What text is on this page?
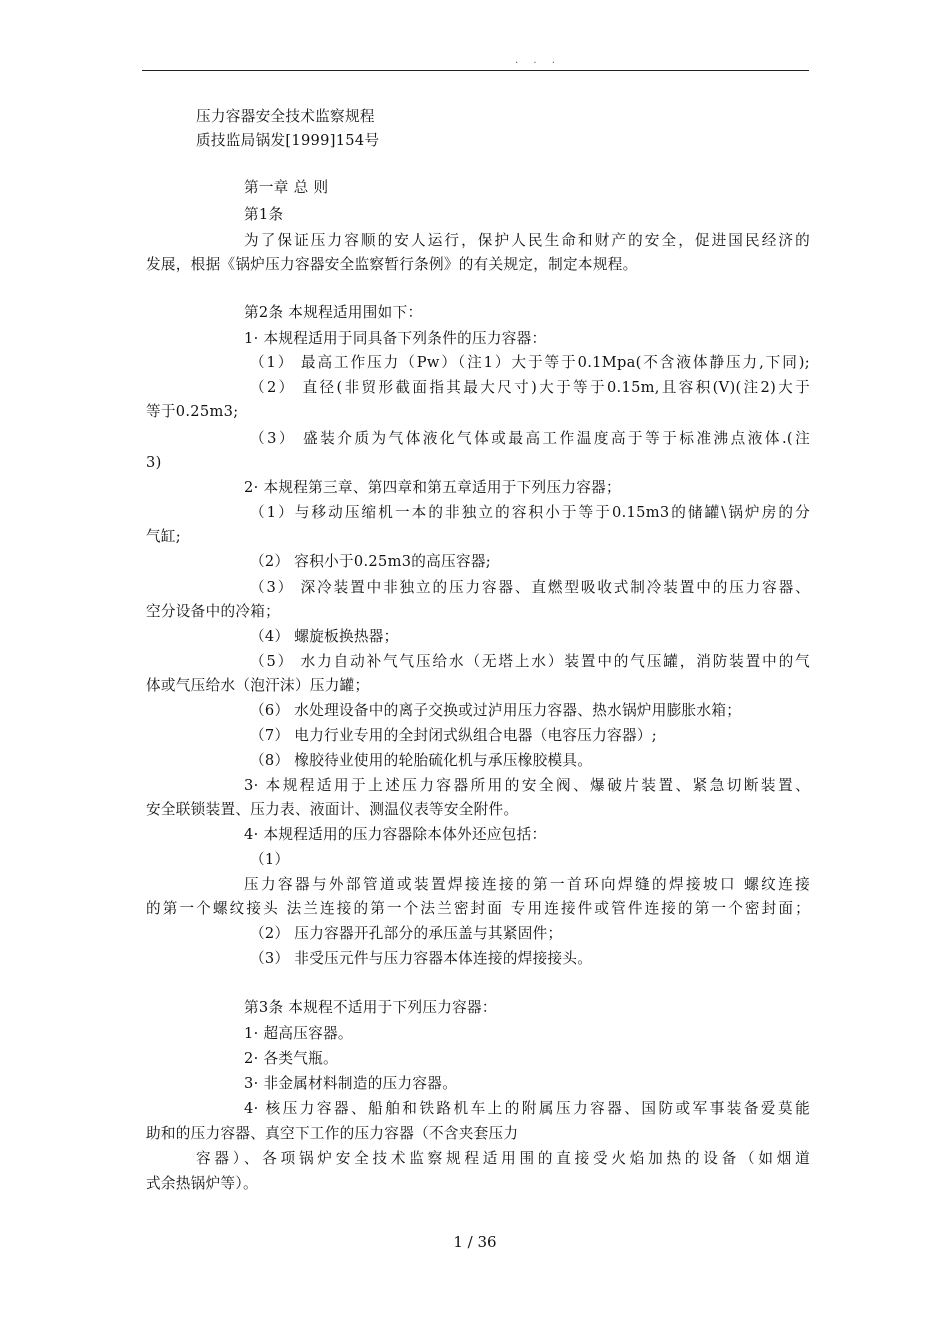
. . .
压力容器安全技术监察规程
质技监局锅发[1999]154号
第一章 总 则
第1条
为了保证压力容顺的安人运行，保护人民生命和财产的安全，促进国民经济的
发展，根据《锅炉压力容器安全监察暂行条例》的有关规定，制定本规程。
第2条 本规程适用围如下：
1· 本规程适用于同具备下列条件的压力容器：
（1） 最高工作压力（Pw）（注1）大于等于0.1Mpa(不含液体静压力,下同);
（2） 直径(非贸形截面指其最大尺寸)大于等于0.15m,且容积(V)(注2)大于
等于0.25m3;
（3） 盛装介质为气体液化气体或最高工作温度高于等于标准沸点液体.(注
3)
2· 本规程第三章、第四章和第五章适用于下列压力容器；
（1）与移动压缩机一本的非独立的容积小于等于0.15m3的储罐\锅炉房的分
气缸;
（2） 容积小于0.25m3的高压容器;
（3） 深冷装置中非独立的压力容器、直燃型吸收式制冷装置中的压力容器、
空分设备中的冷箱；
（4） 螺旋板换热器；
（5） 水力自动补气气压给水（无塔上水）装置中的气压罐，消防装置中的气
体或气压给水（泡汗沫）压力罐；
（6） 水处理设备中的离子交换或过泸用压力容器、热水锅炉用膨胀水箱；
（7） 电力行业专用的全封闭式纵组合电器（电容压力容器）;
（8） 橡胶待业使用的轮胎硫化机与承压橡胶模具。
3· 本规程适用于上述压力容器所用的安全阀、爆破片装置、紧急切断装置、
安全联锁装置、压力表、液面计、测温仪表等安全附件。
4· 本规程适用的压力容器除本体外还应包括：
（1）
压力容器与外部管道或装置焊接连接的第一首环向焊缝的焊接坡口 螺纹连接
的第一个螺纹接头 法兰连接的第一个法兰密封面 专用连接件或管件连接的第一个密封面；
（2） 压力容器开孔部分的承压盖与其紧固件；
（3） 非受压元件与压力容器本体连接的焊接接头。
第3条 本规程不适用于下列压力容器：
1· 超高压容器。
2· 各类气瓶。
3· 非金属材料制造的压力容器。
4· 核压力容器、船舶和铁路机车上的附属压力容器、国防或军事装备爱莫能
助和的压力容器、真空下工作的压力容器（不含夹套压力
容器）、各项锅炉安全技术监察规程适用围的直接受火焰加热的设备（如烟道
式余热锅炉等）。
1 / 36
